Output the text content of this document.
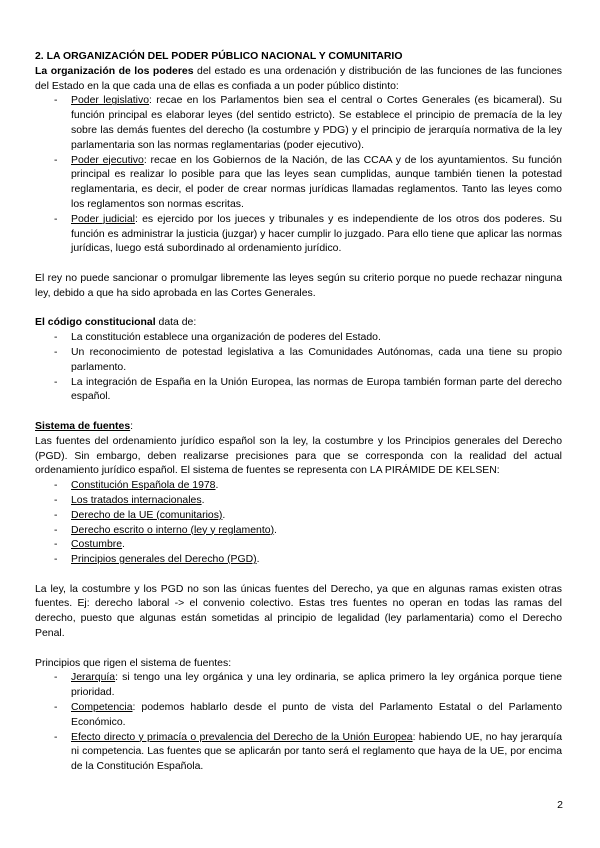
2. LA ORGANIZACIÓN DEL PODER PÚBLICO NACIONAL Y COMUNITARIO

La organización de los poderes del estado es una ordenación y distribución de las funciones de las funciones del Estado en la que cada una de ellas es confiada a un poder público distinto:

- Poder legislativo: recae en los Parlamentos bien sea el central o Cortes Generales (es bicameral). Su función principal es elaborar leyes (del sentido estricto). Se establece el principio de premacía de la ley sobre las demás fuentes del derecho (la costumbre y PDG) y el principio de jerarquía normativa de la ley parlamentaria son las normas reglamentarias (poder ejecutivo).
- Poder ejecutivo: recae en los Gobiernos de la Nación, de las CCAA y de los ayuntamientos. Su función principal es realizar lo posible para que las leyes sean cumplidas, aunque también tienen la potestad reglamentaria, es decir, el poder de crear normas jurídicas llamadas reglamentos. Tanto las leyes como los reglamentos son normas escritas.
- Poder judicial: es ejercido por los jueces y tribunales y es independiente de los otros dos poderes. Su función es administrar la justicia (juzgar) y hacer cumplir lo juzgado. Para ello tiene que aplicar las normas jurídicas, luego está subordinado al ordenamiento jurídico.

El rey no puede sancionar o promulgar libremente las leyes según su criterio porque no puede rechazar ninguna ley, debido a que ha sido aprobada en las Cortes Generales.

El código constitucional data de:

- La constitución establece una organización de poderes del Estado.
- Un reconocimiento de potestad legislativa a las Comunidades Autónomas, cada una tiene su propio parlamento.
- La integración de España en la Unión Europea, las normas de Europa también forman parte del derecho español.

Sistema de fuentes:

Las fuentes del ordenamiento jurídico español son la ley, la costumbre y los Principios generales del Derecho (PGD). Sin embargo, deben realizarse precisiones para que se corresponda con la realidad del actual ordenamiento jurídico español. El sistema de fuentes se representa con LA PIRÁMIDE DE KELSEN:

- Constitución Española de 1978.
- Los tratados internacionales.
- Derecho de la UE (comunitarios).
- Derecho escrito o interno (ley y reglamento).
- Costumbre.
- Principios generales del Derecho (PGD).

La ley, la costumbre y los PGD no son las únicas fuentes del Derecho, ya que en algunas ramas existen otras fuentes. Ej: derecho laboral -> el convenio colectivo. Estas tres fuentes no operan en todas las ramas del derecho, puesto que algunas están sometidas al principio de legalidad (ley parlamentaria) como el Derecho Penal.

Principios que rigen el sistema de fuentes:

- Jerarquía: si tengo una ley orgánica y una ley ordinaria, se aplica primero la ley orgánica porque tiene prioridad.
- Competencia: podemos hablarlo desde el punto de vista del Parlamento Estatal o del Parlamento Económico.
- Efecto directo y primacía o prevalencia del Derecho de la Unión Europea: habiendo UE, no hay jerarquía ni competencia. Las fuentes que se aplicarán por tanto será el reglamento que haya de la UE, por encima de la Constitución Española.
2
